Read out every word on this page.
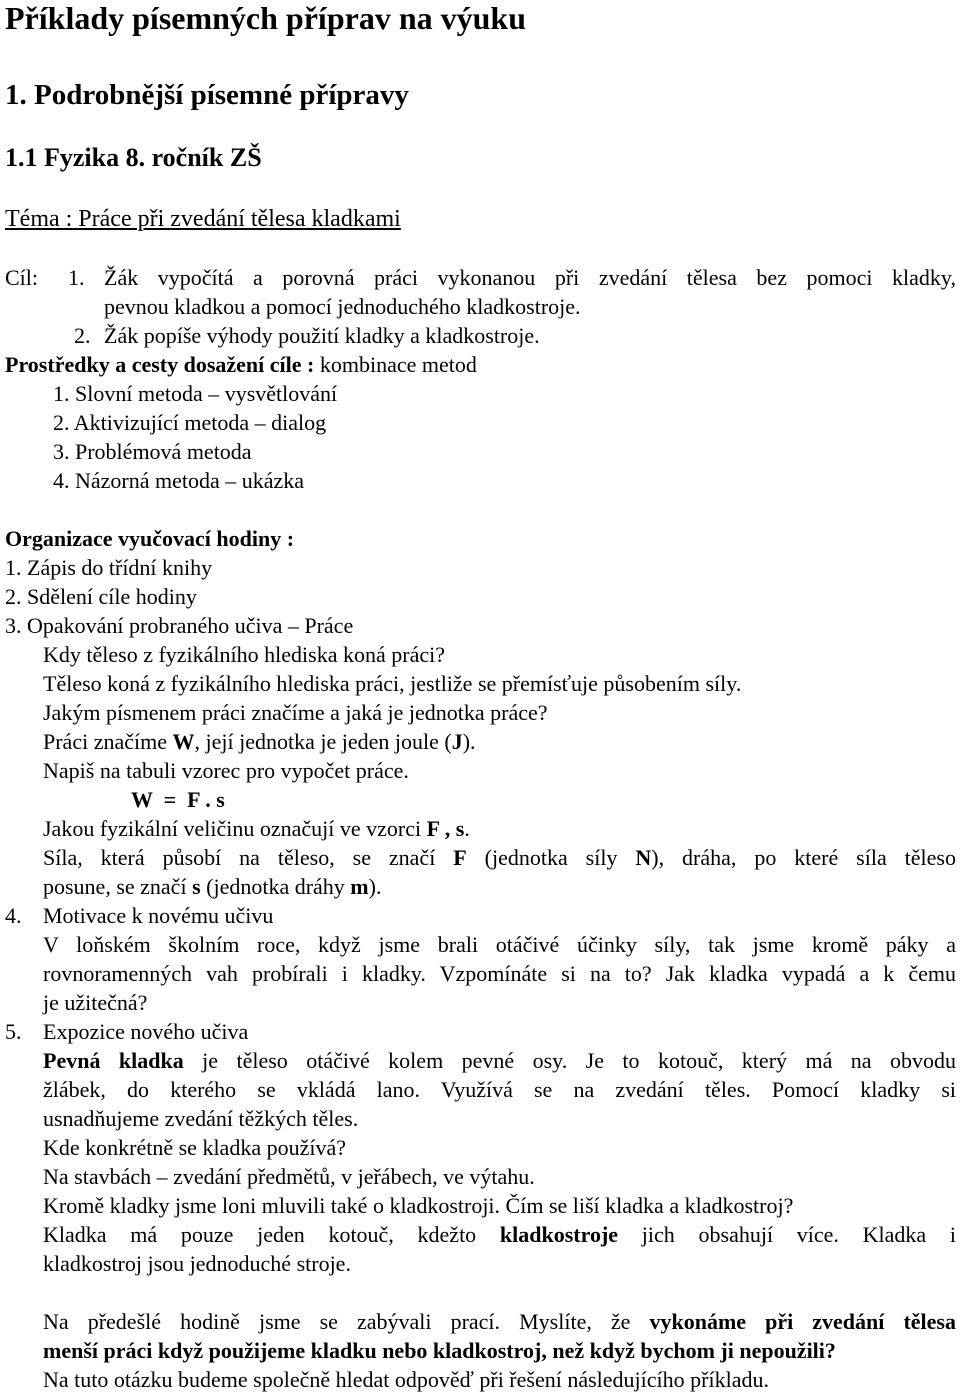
Příklady písemných příprav na výuku
1. Podrobnější písemné přípravy
1.1 Fyzika 8. ročník ZŠ
Téma : Práce při zvedání tělesa kladkami
Cíl: 1. Žák vypočítá a porovná práci vykonanou při zvedání tělesa bez pomoci kladky,
pevnou kladkou a pomocí jednoduchého kladkostroje.
2. Žák popíše výhody použití kladky a kladkostroje.
Prostředky a cesty dosažení cíle : kombinace metod
1. Slovní metoda – vysvětlování
2. Aktivizující metoda – dialog
3. Problémová metoda
4. Názorná metoda – ukázka
Organizace vyučovací hodiny :
1. Zápis do třídní knihy
2. Sdělení cíle hodiny
3. Opakování probraného učiva – Práce
Kdy těleso z fyzikálního hlediska koná práci?
Těleso koná z fyzikálního hlediska práci, jestliže se přemísťuje působením síly.
Jakým písmenem práci značíme a jaká je jednotka práce?
Práci značíme W, její jednotka je jeden joule (J).
Napiš na tabuli vzorec pro vypočet práce.
W  =  F . s
Jakou fyzikální veličinu označují ve vzorci F , s.
Síla, která působí na těleso, se značí F (jednotka síly N), dráha, po které síla těleso
posune, se značí s (jednotka dráhy m).
4. Motivace k novému učivu
V loňském školním roce, když jsme brali otáčivé účinky síly, tak jsme kromě páky a
rovnoramenných vah probírali i kladky. Vzpomínáte si na to? Jak kladka vypadá a k čemu
je užitečná?
5. Expozice nového učiva
Pevná kladka je těleso otáčivé kolem pevné osy. Je to kotouč, který má na obvodu
žlábek, do kterého se vkládá lano. Využívá se na zvedání těles. Pomocí kladky si
usnadňujeme zvedání těžkých těles.
Kde konkrétně se kladka používá?
Na stavbách – zvedání předmětů, v jeřábech, ve výtahu.
Kromě kladky jsme loni mluvili také o kladkostroji. Čím se liší kladka a kladkostroj?
Kladka má pouze jeden kotouč, kdežto kladkostroje jich obsahují více. Kladka i
kladkostroj jsou jednoduché stroje.
Na předešlé hodině jsme se zabývali prací. Myslíte, že vykonáme při zvedání tělesa
menší práci když použijeme kladku nebo kladkostroj, než když bychom ji nepoužili?
Na tuto otázku budeme společně hledat odpověď při řešení následujícího příkladu.
